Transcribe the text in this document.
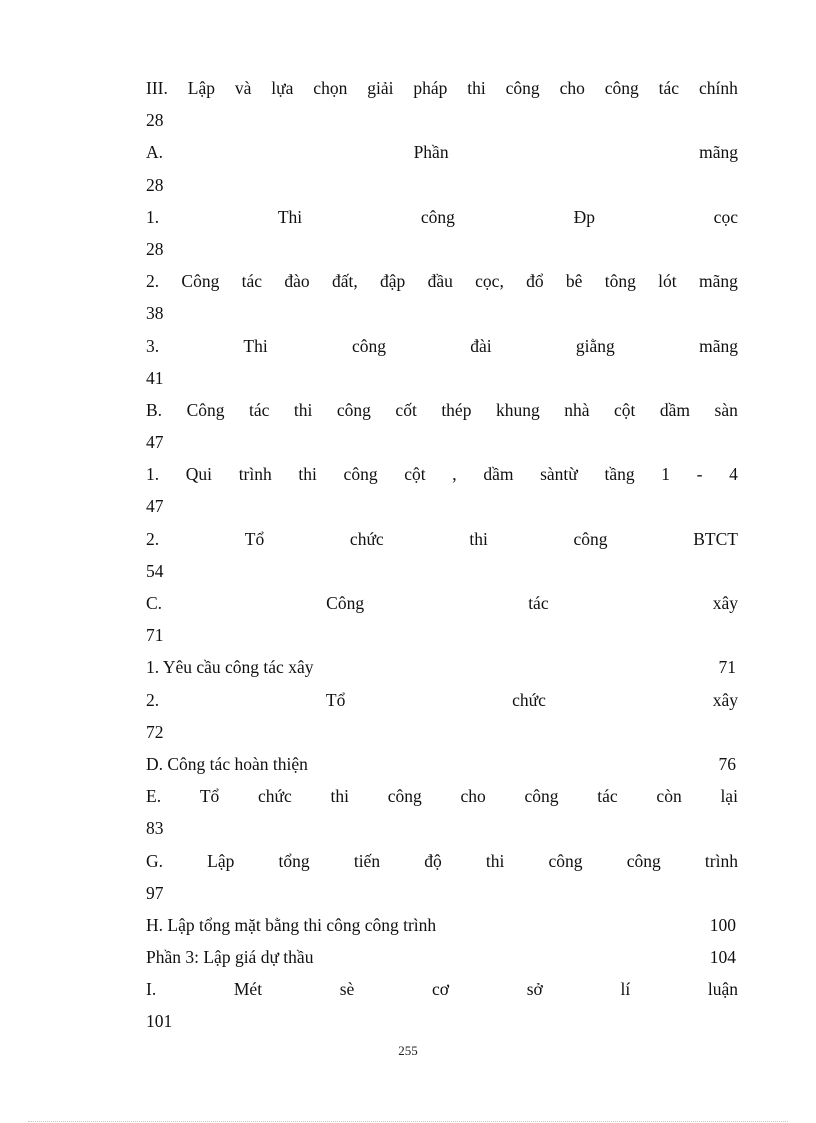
III. Lập và lựa chọn giải pháp thi công cho công tác chính
28
A.	Phần	mãng
28
1.	Thi	công	Đp	cọc
28
2. Công tác đào đất, đập đầu cọc, đổ bê tông lót mãng
38
3.	Thi	công	đài	giằng	mãng
41
B. Công tác thi công cốt thép khung nhà cột dầm sàn
47
1. Qui trình thi công cột , dầm sàntừ tầng 1 - 4
47
2.	Tổ	chức	thi	công	BTCT
54
C.	Công	tác	xây
71
1. Yêu cầu công tác xây	71
2.	Tổ	chức	xây
72
D. Công tác hoàn thiện	76
E. Tổ chức thi công cho công tác còn lại
83
G.	Lập	tổng	tiến	độ	thi	công	công	trình
97
H. Lập tổng mặt bằng thi công công trình	100
Phần 3: Lập giá dự thầu	104
I.	Mét	sè	cơ	sở	lí	luận
101
255
